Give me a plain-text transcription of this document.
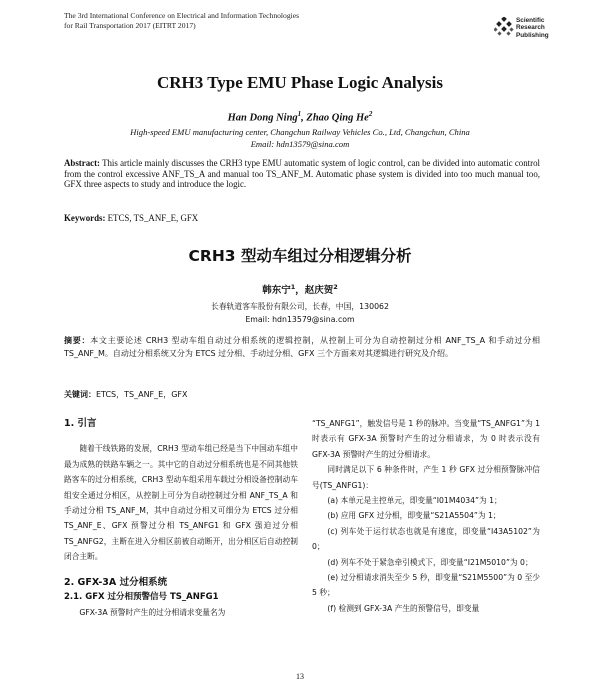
The 3rd International Conference on Electrical and Information Technologies
for Rail Transportation 2017 (EITRT 2017)
Scientific
Research
Publishing
CRH3 Type EMU Phase Logic Analysis
Han Dong Ning$^1$, Zhao Qing He$^2$
High-speed EMU manufacturing center, Changchun Railway Vehicles Co., Ltd, Changchun, China
Email: hdn13579@sina.com
Abstract: This article mainly discusses the CRH3 type EMU automatic system of logic control, can be divided into automatic control from the control excessive ANF_TS_A and manual too TS_ANF_M. Automatic phase system is divided into too much manual too, GFX three aspects to study and introduce the logic.
Keywords: ETCS, TS_ANF_E, GFX
CRH3 型动车组过分相逻辑分析
韩东宁$^1$，赵庆贺$^2$
长春轨道客车股份有限公司，长春，中国，130062
Email: hdn13579@sina.com
摘要：本文主要论述 CRH3 型动车组自动过分相系统的逻辑控制，从控制上可分为自动控制过分相 ANF_TS_A 和手动过分相 TS_ANF_M。自动过分相系统又分为 ETCS 过分相、手动过分相、GFX 三个方面来对其逻辑进行研究及介绍。
关键词：ETCS，TS_ANF_E，GFX

1. 引言

随着干线铁路的发展，CRH3 型动车组已经是当下中国动车组中最为成熟的铁路车辆之一。其中它的自动过分相系统也是不同其他铁路客车的过分相系统，CRH3 型动车组采用车载过分相设备控制动车组安全通过分相区，从控制上可分为自动控制过分相 ANF_TS_A 和手动过分相 TS_ANF_M，其中自动过分相又可细分为 ETCS 过分相 TS_ANF_E、GFX 预警过分相 TS_ANFG1 和 GFX 强迫过分相 TS_ANFG2，主断在进入分相区前被自动断开，出分相区后自动控制闭合主断。

2. GFX-3A 过分相系统

2.1. GFX 过分相预警信号 TS_ANFG1

GFX-3A 预警时产生的过分相请求变量名为

“TS_ANFG1”，触发信号是 1 秒的脉冲。当变量“TS_ANFG1”为 1 时表示有 GFX-3A 预警时产生的过分相请求，为 0 时表示没有 GFX-3A 预警时产生的过分相请求。

同时满足以下 6 种条件时，产生 1 秒 GFX 过分相预警脉冲信号(TS_ANFG1)：

(a) 本单元是主控单元，即变量“I01M4034”为 1；

(b) 应用 GFX 过分相，即变量“S21A5504”为 1；

(c) 列车处于运行状态也就是有速度，即变量“I43A5102”为 0；

(d) 列车不处于紧急牵引模式下，即变量“I21M5010”为 0；

(e) 过分相请求消失至少 5 秒，即变量“S21M5500”为 0 至少 5 秒；

(f) 检测到 GFX-3A 产生的预警信号，即变量

13
